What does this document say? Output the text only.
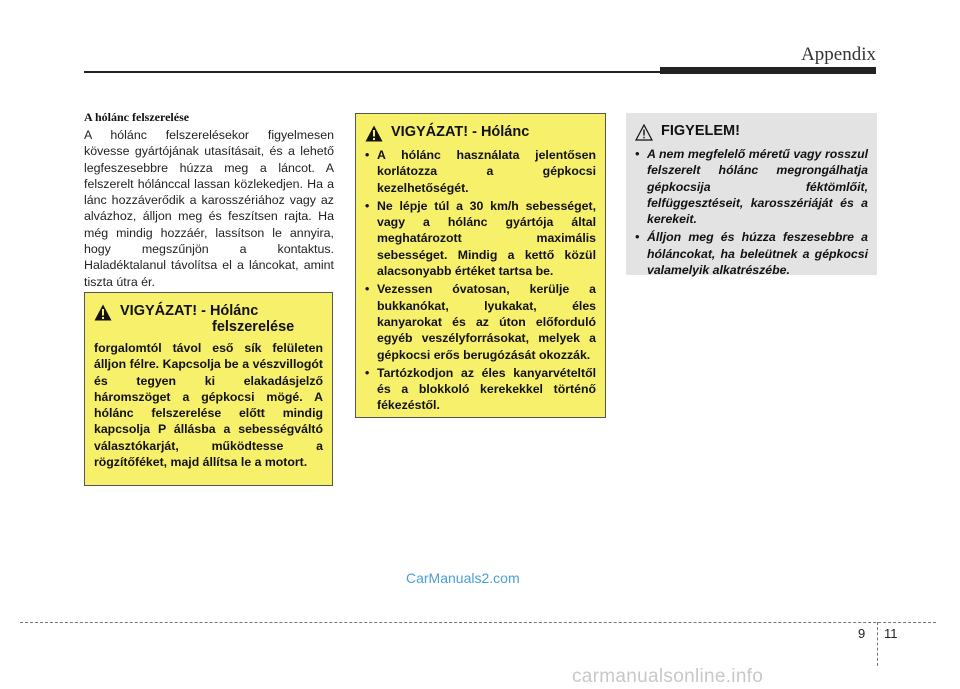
Appendix
A hólánc felszerelése
A hólánc felszerelésekor figyelmesen kövesse gyártójának utasításait, és a lehető legfeszesebbre húzza meg a láncot. A felszerelt hólánccal lassan közlekedjen. Ha a lánc hozzáverődik a karosszériához vagy az alvázhoz, álljon meg és feszítsen rajta. Ha még mindig hozzáér, lassítson le annyira, hogy megszűnjön a kontaktus. Haladéktalanul távolítsa el a láncokat, amint tiszta útra ér.
VIGYÁZAT! - Hólánc
felszerelése
forgalomtól távol eső sík felületen álljon félre. Kapcsolja be a vészvillogót és tegyen ki elakadásjelző háromszöget a gépkocsi mögé. A hólánc felszerelése előtt mindig kapcsolja P állásba a sebességváltó választókarját, működtesse a rögzítőféket, majd állítsa le a motort.
VIGYÁZAT! - Hólánc
• A hólánc használata jelentősen korlátozza a gépkocsi kezelhetőségét.
• Ne lépje túl a 30 km/h sebességet, vagy a hólánc gyártója által meghatározott maximális sebességet. Mindig a kettő közül alacsonyabb értéket tartsa be.
• Vezessen óvatosan, kerülje a bukkanókat, lyukakat, éles kanyarokat és az úton előforduló egyéb veszélyforrásokat, melyek a gépkocsi erős berugózását okozzák.
• Tartózkodjon az éles kanyarvételtől és a blokkoló kerekekkel történő fékezéstől.
FIGYELEM!
• A nem megfelelő méretű vagy rosszul felszerelt hólánc megrongálhatja gépkocsija féktömlőit, felfüggesztéseit, karosszériáját és a kerekeit.
• Álljon meg és húzza feszesebbre a hóláncokat, ha beleütnek a gépkocsi valamelyik alkatrészébe.
CarManuals2.com
9 11
carmanualsonline.info
